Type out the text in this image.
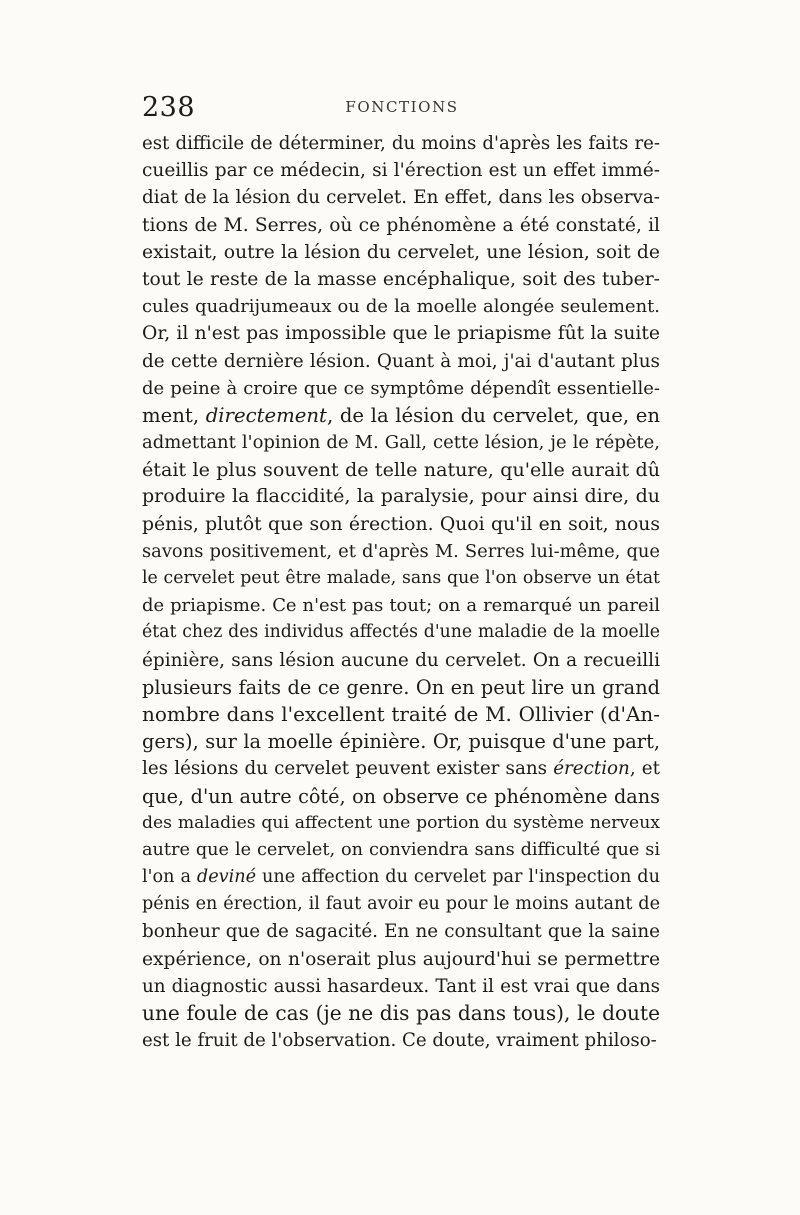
238	FONCTIONS
est difficile de déterminer, du moins d'après les faits re-
cueillis par ce médecin, si l'érection est un effet immé-
diat de la lésion du cervelet. En effet, dans les observa-
tions de M. Serres, où ce phénomène a été constaté, il
existait, outre la lésion du cervelet, une lésion, soit de
tout le reste de la masse encéphalique, soit des tuber-
cules quadrijumeaux ou de la moelle alongée seulement.
Or, il n'est pas impossible que le priapisme fût la suite
de cette dernière lésion. Quant à moi, j'ai d'autant plus
de peine à croire que ce symptôme dépendît essentielle-
ment, directement, de la lésion du cervelet, que, en
admettant l'opinion de M. Gall, cette lésion, je le répète,
était le plus souvent de telle nature, qu'elle aurait dû
produire la flaccidité, la paralysie, pour ainsi dire, du
pénis, plutôt que son érection. Quoi qu'il en soit, nous
savons positivement, et d'après M. Serres lui-même, que
le cervelet peut être malade, sans que l'on observe un état
de priapisme. Ce n'est pas tout; on a remarqué un pareil
état chez des individus affectés d'une maladie de la moelle
épinière, sans lésion aucune du cervelet. On a recueilli
plusieurs faits de ce genre. On en peut lire un grand
nombre dans l'excellent traité de M. Ollivier (d'An-
gers), sur la moelle épinière. Or, puisque d'une part,
les lésions du cervelet peuvent exister sans érection, et
que, d'un autre côté, on observe ce phénomène dans
des maladies qui affectent une portion du système nerveux
autre que le cervelet, on conviendra sans difficulté que si
l'on a deviné une affection du cervelet par l'inspection du
pénis en érection, il faut avoir eu pour le moins autant de
bonheur que de sagacité. En ne consultant que la saine
expérience, on n'oserait plus aujourd'hui se permettre
un diagnostic aussi hasardeux. Tant il est vrai que dans
une foule de cas (je ne dis pas dans tous), le doute
est le fruit de l'observation. Ce doute, vraiment philoso-
